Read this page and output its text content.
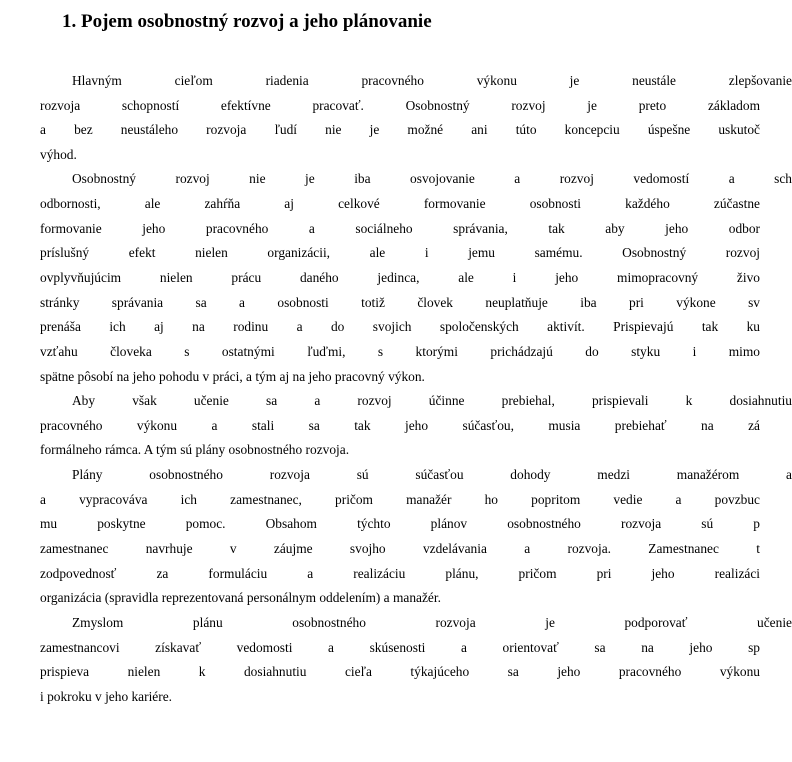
1. Pojem osobnostný rozvoj a jeho plánovanie

Hlavným cieľom riadenia pracovného výkonu je neustále zlepšovanie

rozvoja schopností efektívne pracovať. Osobnostný rozvoj je preto základom

a bez neustáleho rozvoja ľudí nie je možné ani túto koncepciu úspešne uskutoč

výhod.

Osobnostný rozvoj nie je iba osvojovanie a rozvoj vedomostí a sch

odbornosti, ale zahŕňa aj celkové formovanie osobnosti každého zúčastne

formovanie jeho pracovného a sociálneho správania, tak aby jeho odbor

príslušný efekt nielen organizácii, ale i jemu samému. Osobnostný rozvoj

ovplyvňujúcim nielen prácu daného jedinca, ale i jeho mimopracovný živo

stránky správania sa a osobnosti totiž človek neuplatňuje iba pri výkone sv

prenáša ich aj na rodinu a do svojich spoločenských aktivít. Prispievajú tak ku

vzťahu človeka s ostatnými ľuďmi, s ktorými prichádzajú do styku i mimo

spätne pôsobí na jeho pohodu v práci, a tým aj na jeho pracovný výkon.

Aby však učenie sa a rozvoj účinne prebiehal, prispievali k dosiahnutiu

pracovného výkonu a stali sa tak jeho súčasťou, musia prebiehať na zá

formálneho rámca. A tým sú plány osobnostného rozvoja.

Plány osobnostného rozvoja sú súčasťou dohody medzi manažérom a

a vypracováva ich zamestnanec, pričom manažér ho popritom vedie a povzbuc

mu poskytne pomoc. Obsahom týchto plánov osobnostného rozvoja sú p

zamestnanec navrhuje v záujme svojho vzdelávania a rozvoja. Zamestnanec t

zodpovednosť za formuláciu a realizáciu plánu, pričom pri jeho realizáci

organizácia (spravidla reprezentovaná personálnym oddelením) a manažér.

Zmyslom plánu osobnostného rozvoja je podporovať učenie

zamestnancovi získavať vedomosti a skúsenosti a orientovať sa na jeho sp

prispieva nielen k dosiahnutiu cieľa týkajúceho sa jeho pracovného výkonu

i pokroku v jeho kariére.
